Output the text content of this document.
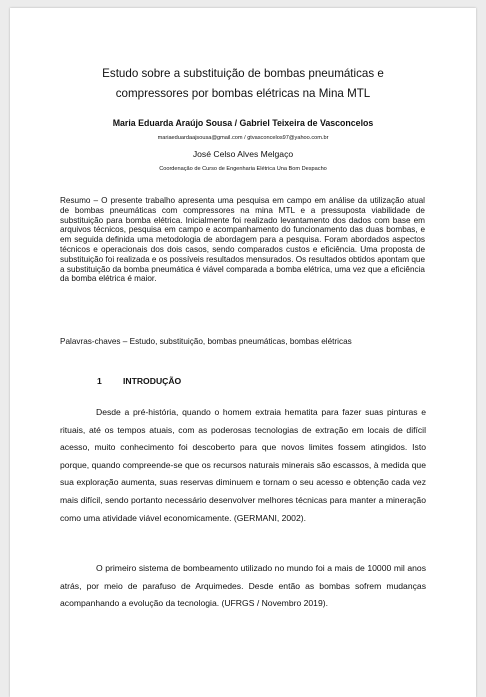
Estudo sobre a substituição de bombas pneumáticas e
compressores por bombas elétricas na Mina MTL
Maria Eduarda Araújo Sousa / Gabriel Teixeira de Vasconcelos
mariaeduardaajsousa@gmail.com / gtvasconcelos97@yahoo.com.br
José Celso Alves Melgaço
Coordenação de Curso de Engenharia Elétrica Una Bom Despacho

Resumo – O presente trabalho apresenta uma pesquisa em campo em análise da utilização atual de bombas pneumáticas com compressores na mina MTL e a pressuposta viabilidade de substituição para bomba elétrica. Inicialmente foi realizado levantamento dos dados com base em arquivos técnicos, pesquisa em campo e acompanhamento do funcionamento das duas bombas, e em seguida definida uma metodologia de abordagem para a pesquisa. Foram abordados aspectos técnicos e operacionais dos dois casos, sendo comparados custos e eficiência. Uma proposta de substituição foi realizada e os possíveis resultados mensurados. Os resultados obtidos apontam que a substituição da bomba pneumática é viável comparada a bomba elétrica, uma vez que a eficiência da bomba elétrica é maior.

Palavras-chaves – Estudo, substituição, bombas pneumáticas, bombas elétricas

1 INTRODUÇÃO

Desde a pré-história, quando o homem extraia hematita para fazer suas pinturas e rituais, até os tempos atuais, com as poderosas tecnologias de extração em locais de difícil acesso, muito conhecimento foi descoberto para que novos limites fossem atingidos. Isto porque, quando compreende-se que os recursos naturais minerais são escassos, à medida que sua exploração aumenta, suas reservas diminuem e tornam o seu acesso e obtenção cada vez mais difícil, sendo portanto necessário desenvolver melhores técnicas para manter a mineração como uma atividade viável economicamente. (GERMANI, 2002).

O primeiro sistema de bombeamento utilizado no mundo foi a mais de 10000 mil anos atrás, por meio de parafuso de Arquimedes. Desde então as bombas sofrem mudanças acompanhando a evolução da tecnologia. (UFRGS / Novembro 2019).
